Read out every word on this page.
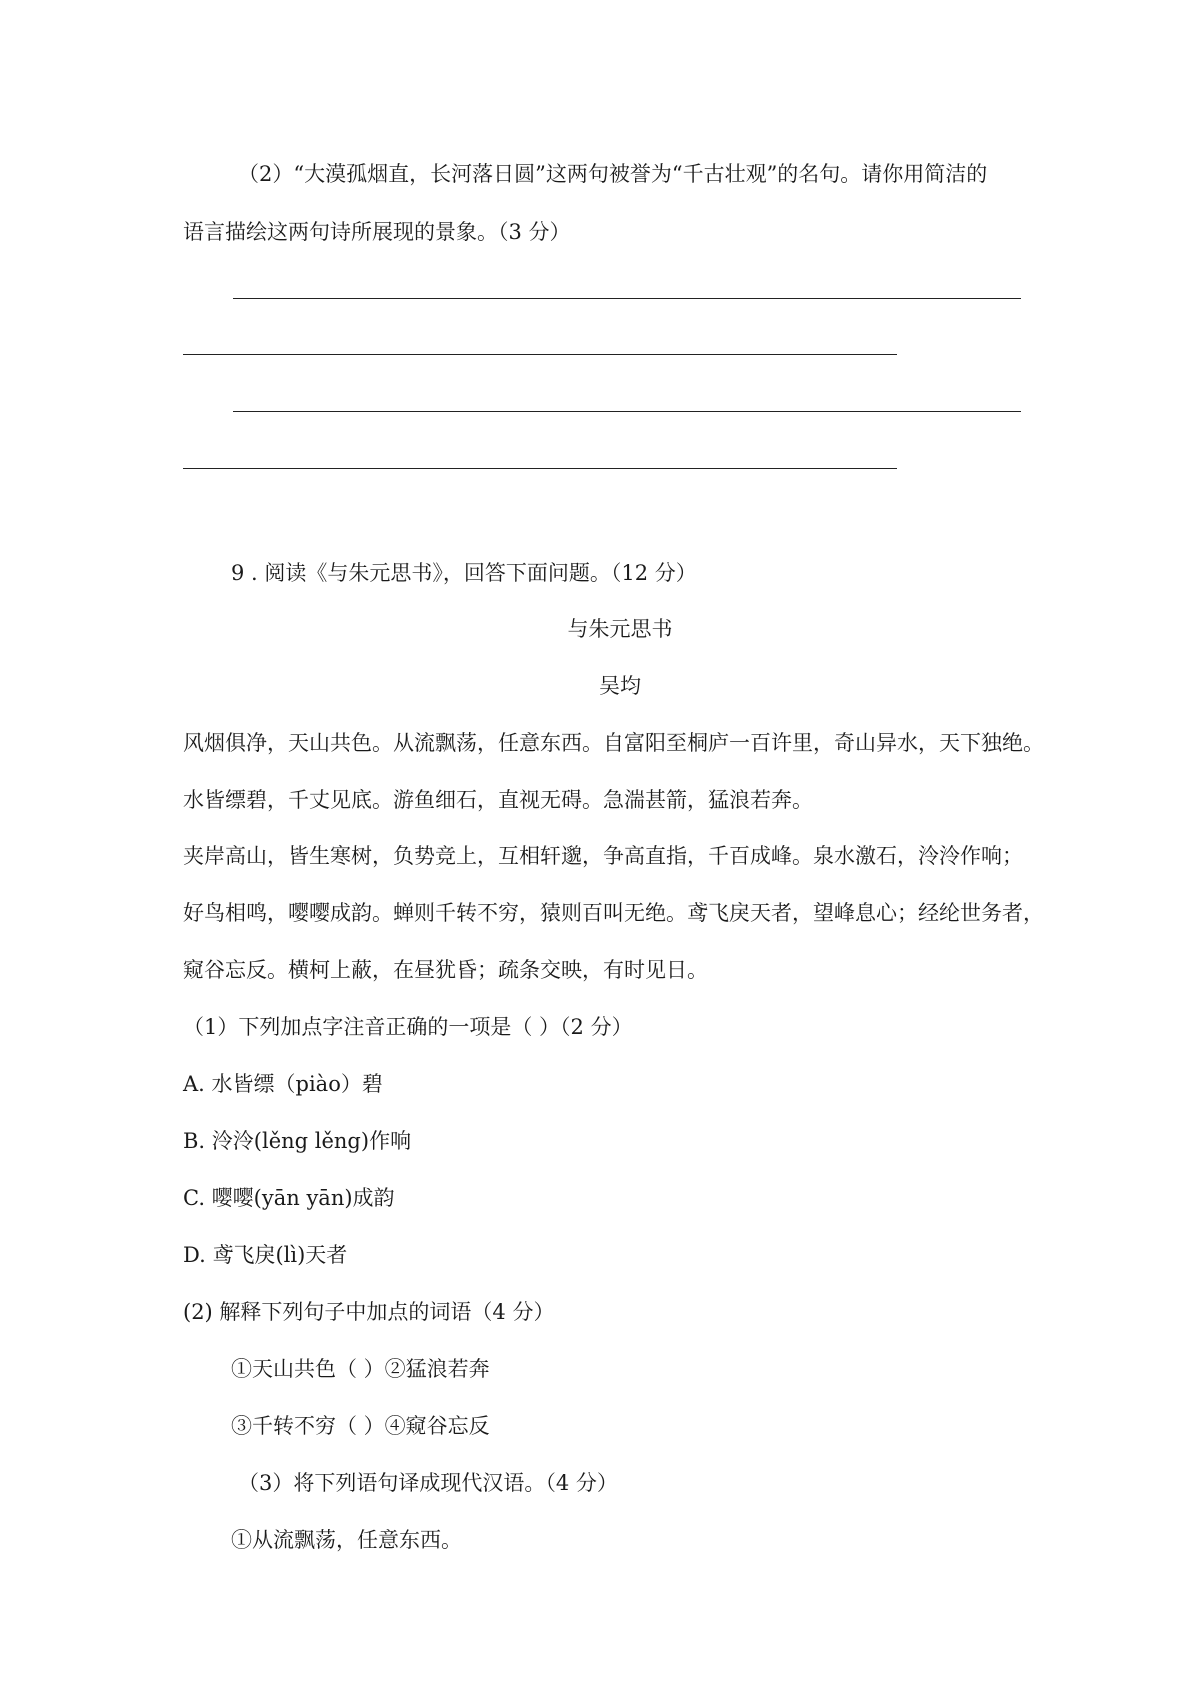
（2）“大漠孤烟直，长河落日圆”这两句被誉为“千古壮观”的名句。请你用简洁的
语言描绘这两句诗所展现的景象。（3 分）
9 . 阅读《与朱元思书》，回答下面问题。（12 分）
与朱元思书
吴均
风烟俱净，天山共色。从流飘荡，任意东西。自富阳至桐庐一百许里，奇山异水，天下独绝。
水皆缥碧，千丈见底。游鱼细石，直视无碍。急湍甚箭，猛浪若奔。
夹岸高山，皆生寒树，负势竞上，互相轩邈，争高直指，千百成峰。泉水激石，泠泠作响；
好鸟相鸣，嘤嘤成韵。蝉则千转不穷，猿则百叫无绝。鸢飞戾天者，望峰息心；经纶世务者，
窥谷忘反。横柯上蔽，在昼犹昏；疏条交映，有时见日。
（1）下列加点字注音正确的一项是（ ）（2 分）
A. 水皆缥（piào）碧
B. 泠泠(lěng lěng)作响
C. 嘤嘤(yān yān)成韵
D. 鸢飞戾(lì)天者
(2) 解释下列句子中加点的词语（4 分）
①天山共色（ ）②猛浪若奔
③千转不穷（ ）④窥谷忘反
（3）将下列语句译成现代汉语。（4 分）
①从流飘荡，任意东西。
